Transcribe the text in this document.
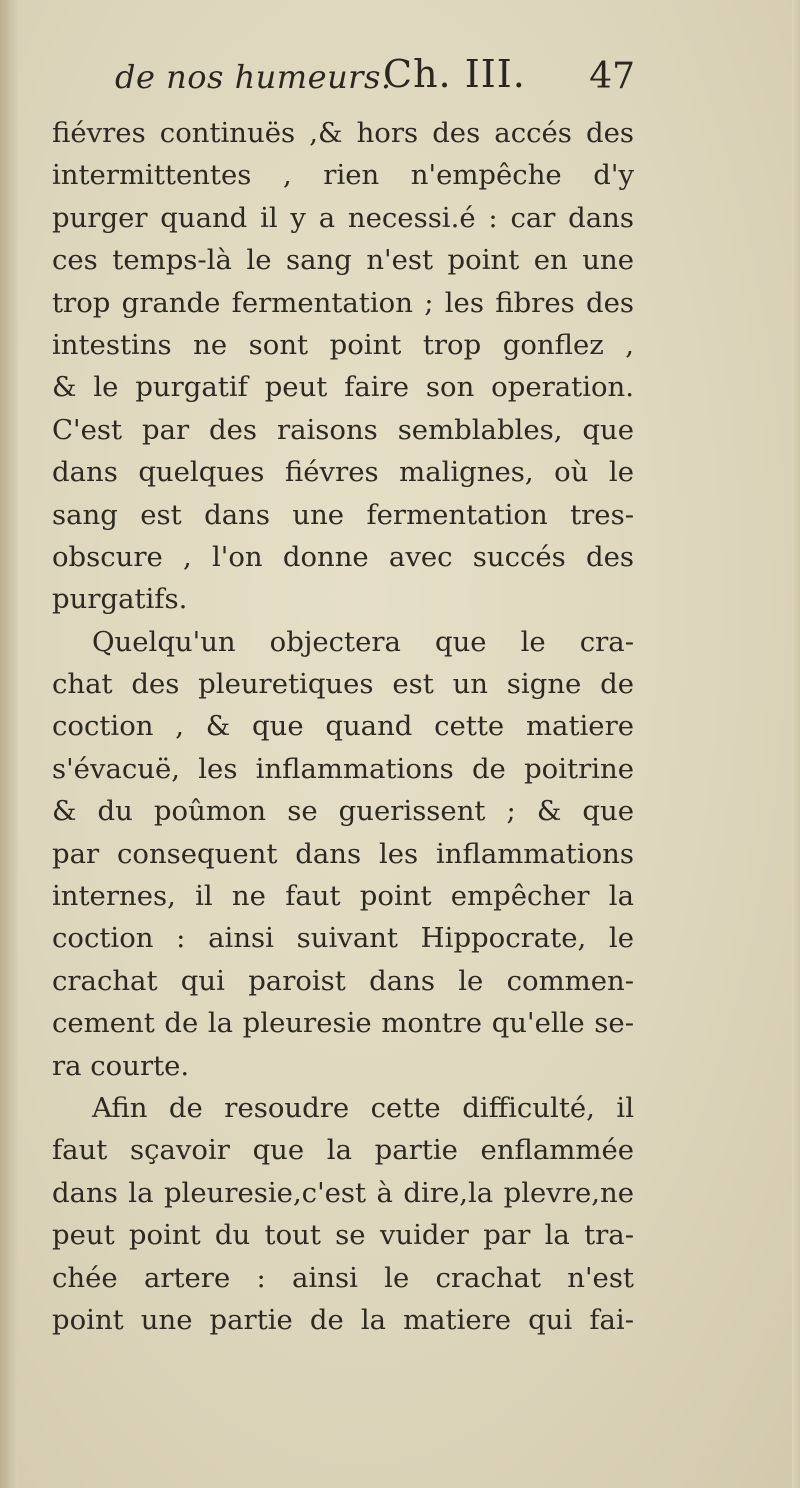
de nos humeurs.
Ch. III. 47
fiévres continuës ,& hors des accés des
intermittentes , rien n'empêche d'y
purger quand il y a necessi.é : car dans
ces temps-là le sang n'est point en une
trop grande fermentation ; les fibres des
intestins ne sont point trop gonflez ,
& le purgatif peut faire son operation.
C'est par des raisons semblables, que
dans quelques fiévres malignes, où le
sang est dans une fermentation tres-
obscure , l'on donne avec succés des
purgatifs.
Quelqu'un objectera que le cra-
chat des pleuretiques est un signe de
coction , & que quand cette matiere
s'évacuë, les inflammations de poitrine
& du poûmon se guerissent ; & que
par consequent dans les inflammations
internes, il ne faut point empêcher la
coction : ainsi suivant Hippocrate, le
crachat qui paroist dans le commen-
cement de la pleuresie montre qu'elle se-
ra courte.
Afin de resoudre cette difficulté, il
faut sçavoir que la partie enflammée
dans la pleuresie,c'est à dire,la plevre,ne
peut point du tout se vuider par la tra-
chée artere : ainsi le crachat n'est
point une partie de la matiere qui fai-
